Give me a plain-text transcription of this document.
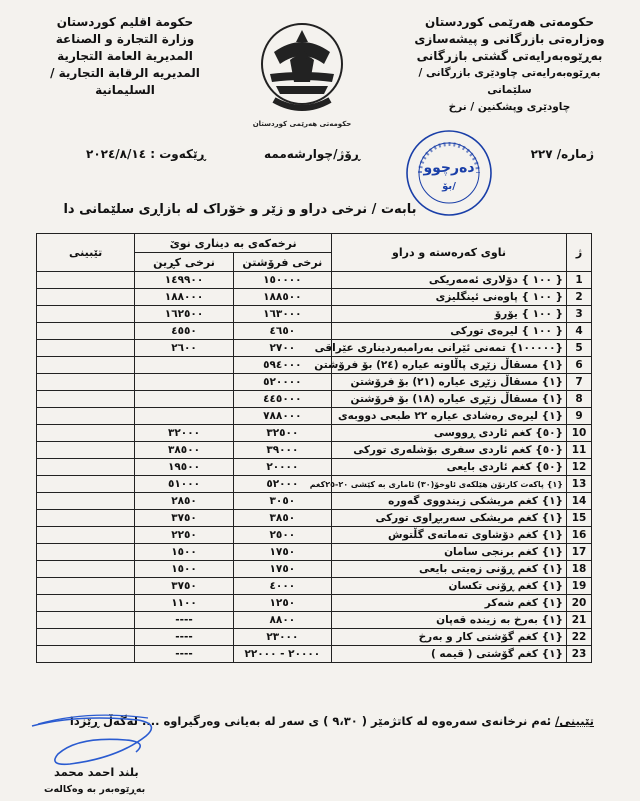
حکومەتی هەرێمی کوردستان
وەزارەتی بازرگانی و پیشەسازی
بەڕێوەبەرایەتی گشتی بازرگانی
بەڕێوەبەرایەتی چاودێری بازرگانی / سلێمانی
چاودێری وپشکنین / نرخ
حكومة اقليم كوردستان
وزارة التجارة و الصناعة
المديرية العامة التجارية
المديريه الرقابة التجارية / السليمانية
حکومەتی هەرێمی کوردستان
ژمارە/ ٢٢٧
ڕۆژ/چوارشەممە
ڕێکەوت : ٢٠٢٤/٨/١٤
دەرچوو
بۆ/
بابەت / نرخی دراو و زێر و خۆراک لە بازاڕی سلێمانی دا
ژ	ناوی کەرەستە و دراو	نرخەکەی بە دیناری نوێ		تێبینی
		نرخی فرۆشتن	نرخی کڕین	
1	{ ١٠٠ } دۆلاری ئەمەریکی	١٥٠٠٠٠	١٤٩٩٠٠	
2	{ ١٠٠ } پاوەنی ئینگلیزی	١٨٨٥٠٠	١٨٨٠٠٠	
3	{ ١٠٠ } یۆرۆ	١٦٣٠٠٠	١٦٢٥٠٠	
4	{ ١٠٠ } لیرەی تورکی	٤٦٥٠	٤٥٥٠	
5	{١٠٠٠٠٠} تمەنی ئێرانی بەرامبەردیناری عێراقی	٢٧٠٠	٢٦٠٠	
6	{١} مسقاڵ زێڕی پاڵاوتە عیارە (٢٤) بۆ فرۆشتن	٥٩٤٠٠٠		
7	{١} مسقاڵ زێڕی عیارە (٢١) بۆ فرۆشتن	٥٢٠٠٠٠		
8	{١} مسقاڵ زێڕی عیارە (١٨) بۆ فرۆشتن	٤٤٥٠٠٠		
9	{١} لیرەی رەشادی عیارە ٢٢ طبعی دووبەی	٧٨٨٠٠٠		
10	{٥٠} کغم ئاردی ڕووسی	٣٢٥٠٠	٣٢٠٠٠	
11	{٥٠} کغم ئاردی سفری بۆشلەری تورکی	٣٩٠٠٠	٣٨٥٠٠	
12	{٥٠} کغم ئاردی بایعی	٢٠٠٠٠	١٩٥٠٠	
13	{١} پاکەت کارتۆن هێلکەی ئاوخۆ(٣٠) ئاماری بە کێشی ٢٠-٢٥کغم	٥٢٠٠٠	٥١٠٠٠	
14	{١} کغم مریشکی زیندووی گەورە	٣٠٥٠	٢٨٥٠	
15	{١} کغم مریشکی سەربڕاوی تورکی	٣٨٥٠	٣٧٥٠	
16	{١} کغم دۆشاوی تەماتەی گڵتوش	٢٥٠٠	٢٢٥٠	
17	{١} کغم برنجی سامان	١٧٥٠	١٥٠٠	
18	{١} کغم ڕۆنی زەیتی بایعی	١٧٥٠	١٥٠٠	
19	{١} کغم ڕۆنی تکسان	٤٠٠٠	٣٧٥٠	
20	{١} کغم شەکر	١٢٥٠	١١٠٠	
21	{١} بەرخ بە زیندە قەپان	٨٨٠٠	----	
22	{١} کغم گۆشتی کار و بەرخ	٢٣٠٠٠	----	
23	{١} کغم گۆشتی ( قیمە )	٢٠٠٠٠ - ٢٢٠٠٠	----	
تێبینی/ ئەم نرخانەی سەرەوە لە کاتژمێر ( ٩،٣٠ ) ی سەر لە بەیانی وەرگیراوە .... لەگەڵ ڕێزدا
بلند احمد محمد
بەڕێوەبەر بە وەکالەت
